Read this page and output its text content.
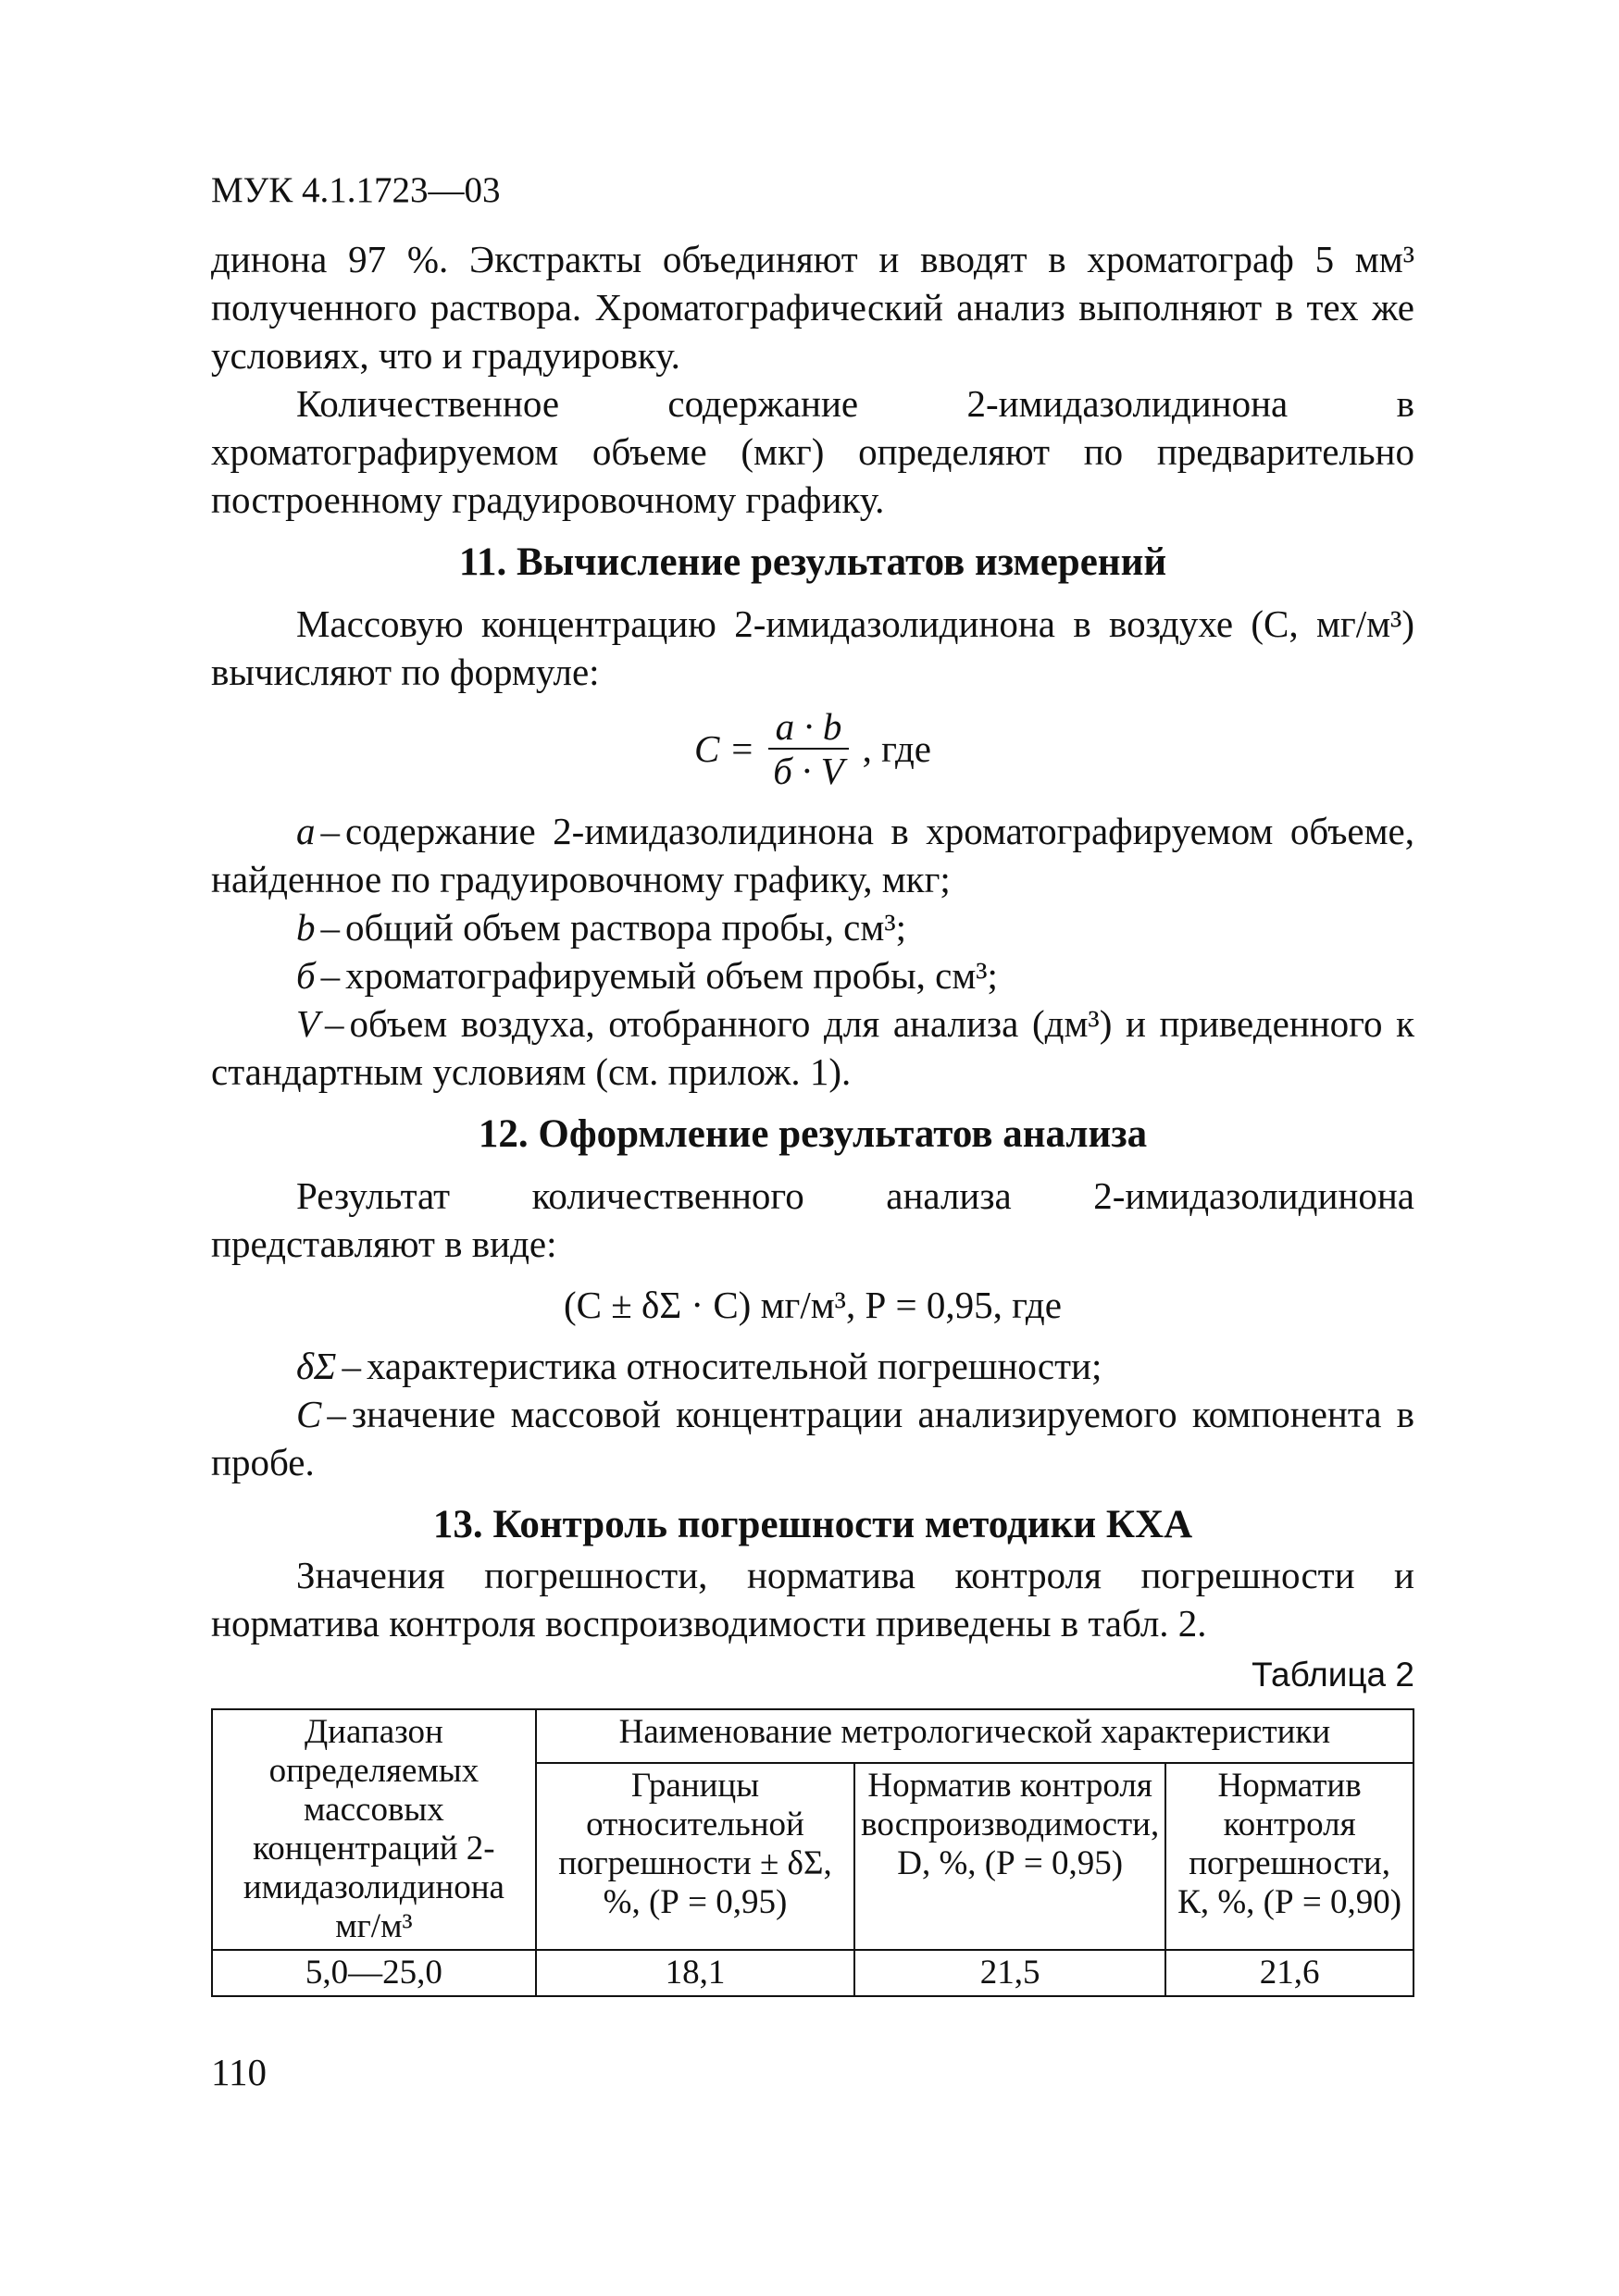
МУК 4.1.1723—03

динона 97 %. Экстракты объединяют и вводят в хроматограф 5 мм³ полученного раствора. Хроматографический анализ выполняют в тех же условиях, что и градуировку.

Количественное содержание 2-имидазолидинона в хроматографируемом объеме (мкг) определяют по предварительно построенному градуировочному графику.

11. Вычисление результатов измерений

Массовую концентрацию 2-имидазолидинона в воздухе (С, мг/м³) вычисляют по формуле:

$C = \frac{a \cdot b}{б \cdot V}$ , где

a – содержание 2-имидазолидинона в хроматографируемом объеме, найденное по градуировочному графику, мкг;

b – общий объем раствора пробы, см³;

б – хроматографируемый объем пробы, см³;

V – объем воздуха, отобранного для анализа (дм³) и приведенного к стандартным условиям (см. прилож. 1).

12. Оформление результатов анализа

Результат количественного анализа 2-имидазолидинона представляют в виде:

(С ± δΣ · С) мг/м³, Р = 0,95, где

δΣ – характеристика относительной погрешности;

С – значение массовой концентрации анализируемого компонента в пробе.

13. Контроль погрешности методики КХА

Значения погрешности, норматива контроля погрешности и норматива контроля воспроизводимости приведены в табл. 2.

Таблица 2
Диапазон определяемых массовых концентраций 2-имидазолидинона мг/м³	Наименование метрологической характеристики		
	Границы относительной погрешности ± δΣ, %, (Р = 0,95)	Норматив контроля воспроизводимости, D, %, (Р = 0,95)	Норматив контроля погрешности, К, %, (Р = 0,90)
5,0—25,0	18,1	21,5	21,6
110
